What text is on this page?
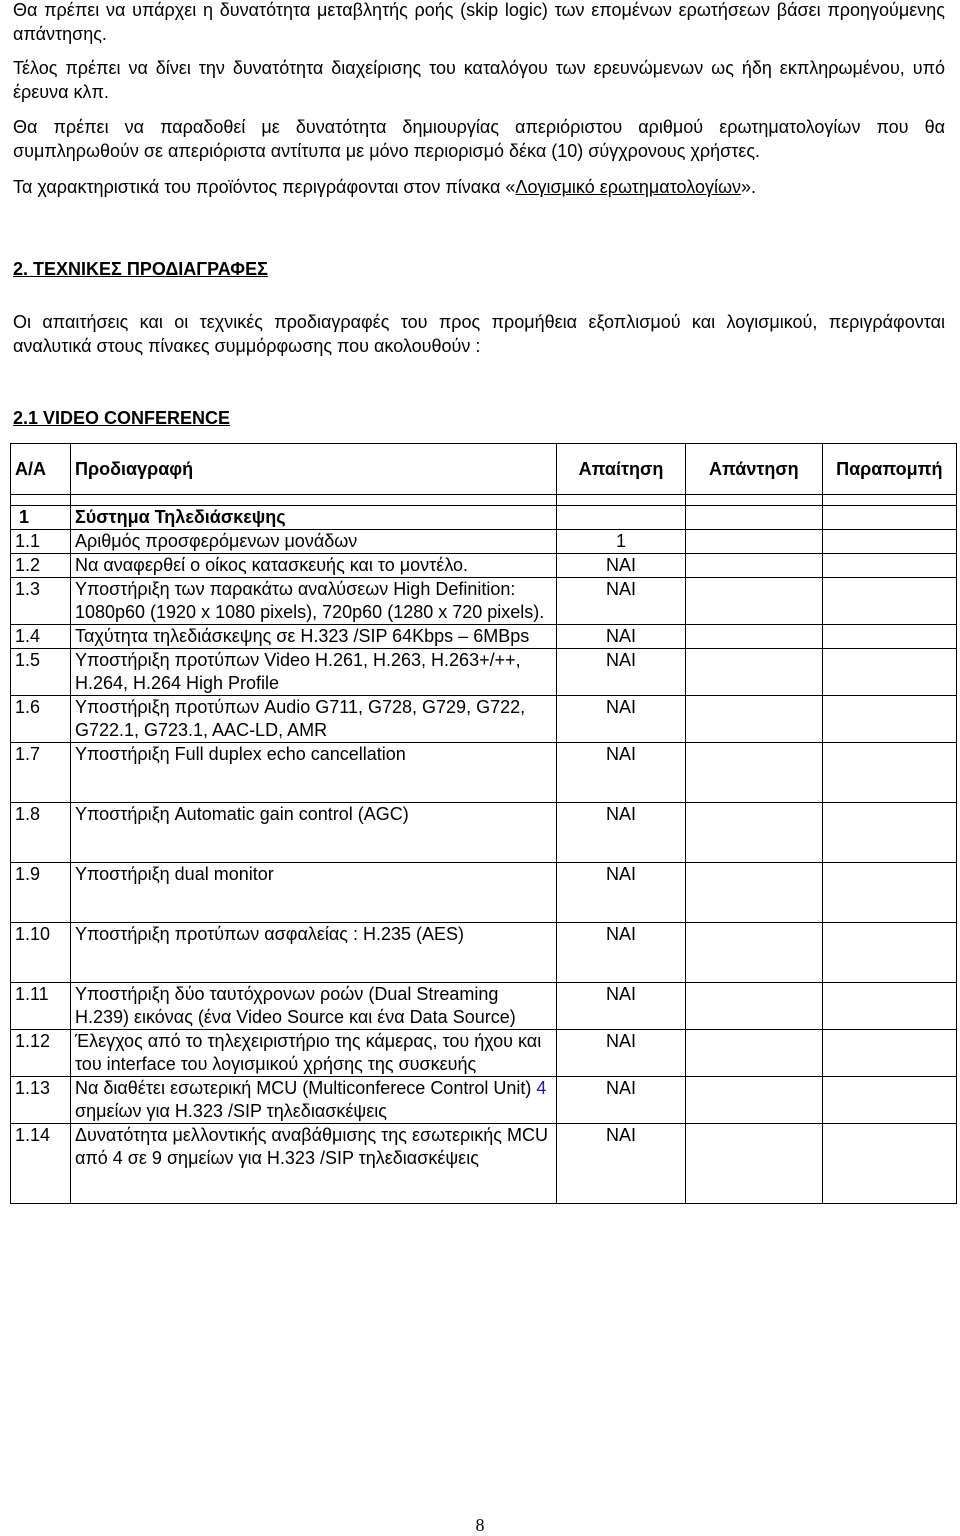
Θα πρέπει να υπάρχει η δυνατότητα μεταβλητής ροής (skip logic) των επομένων ερωτήσεων βάσει προηγούμενης απάντησης.
Τέλος πρέπει να δίνει την δυνατότητα διαχείρισης του καταλόγου των ερευνώμενων ως ήδη εκπληρωμένου, υπό έρευνα κλπ.
Θα πρέπει να παραδοθεί με δυνατότητα δημιουργίας απεριόριστου αριθμού ερωτηματολογίων που θα συμπληρωθούν σε απεριόριστα αντίτυπα με μόνο περιορισμό δέκα (10) σύγχρονους χρήστες.
Τα χαρακτηριστικά του προϊόντος περιγράφονται στον πίνακα «Λογισμικό ερωτηματολογίων».
2. ΤΕΧΝΙΚΕΣ ΠΡΟΔΙΑΓΡΑΦΕΣ
Οι απαιτήσεις και οι τεχνικές προδιαγραφές του προς προμήθεια εξοπλισμού και λογισμικού, περιγράφονται αναλυτικά στους πίνακες συμμόρφωσης που ακολουθούν :
2.1 VIDEO CONFERENCE
Α/Α	Προδιαγραφή	Απαίτηση	Απάντηση	Παραπομπή

1	Σύστημα Τηλεδιάσκεψης			
1.1	Αριθμός προσφερόμενων μονάδων	1		
1.2	Να αναφερθεί ο οίκος κατασκευής και το μοντέλο.	ΝΑΙ		
1.3	Υποστήριξη των παρακάτω αναλύσεων High Definition: 1080p60 (1920 x 1080 pixels), 720p60 (1280 x 720 pixels).	ΝΑΙ		
1.4	Ταχύτητα τηλεδιάσκεψης σε H.323 /SIP 64Kbps – 6MBps	ΝΑΙ		
1.5	Υποστήριξη προτύπων Video H.261, H.263, H.263+/++, H.264, H.264 High Profile	ΝΑΙ		
1.6	Υποστήριξη προτύπων Audio G711, G728, G729, G722, G722.1, G723.1, AAC-LD, AMR	ΝΑΙ		
1.7	Υποστήριξη Full duplex echo cancellation	ΝΑΙ		
1.8	Υποστήριξη Automatic gain control (AGC)	ΝΑΙ		
1.9	Υποστήριξη dual monitor	ΝΑΙ		
1.10	Υποστήριξη προτύπων ασφαλείας : H.235 (AES)	ΝΑΙ		
1.11	Υποστήριξη δύο ταυτόχρονων ροών (Dual Streaming H.239) εικόνας (ένα Video Source και ένα Data Source)	ΝΑΙ		
1.12	Έλεγχος από το τηλεχειριστήριο της κάμερας, του ήχου και του interface του λογισμικού χρήσης της συσκευής	ΝΑΙ		
1.13	Να διαθέτει εσωτερική MCU (Multiconferece Control Unit) 4 σημείων για H.323 /SIP τηλεδιασκέψεις	ΝΑΙ		
1.14	Δυνατότητα μελλοντικής αναβάθμισης της εσωτερικής MCU από 4 σε 9 σημείων για H.323 /SIP τηλεδιασκέψεις	ΝΑΙ		
8
